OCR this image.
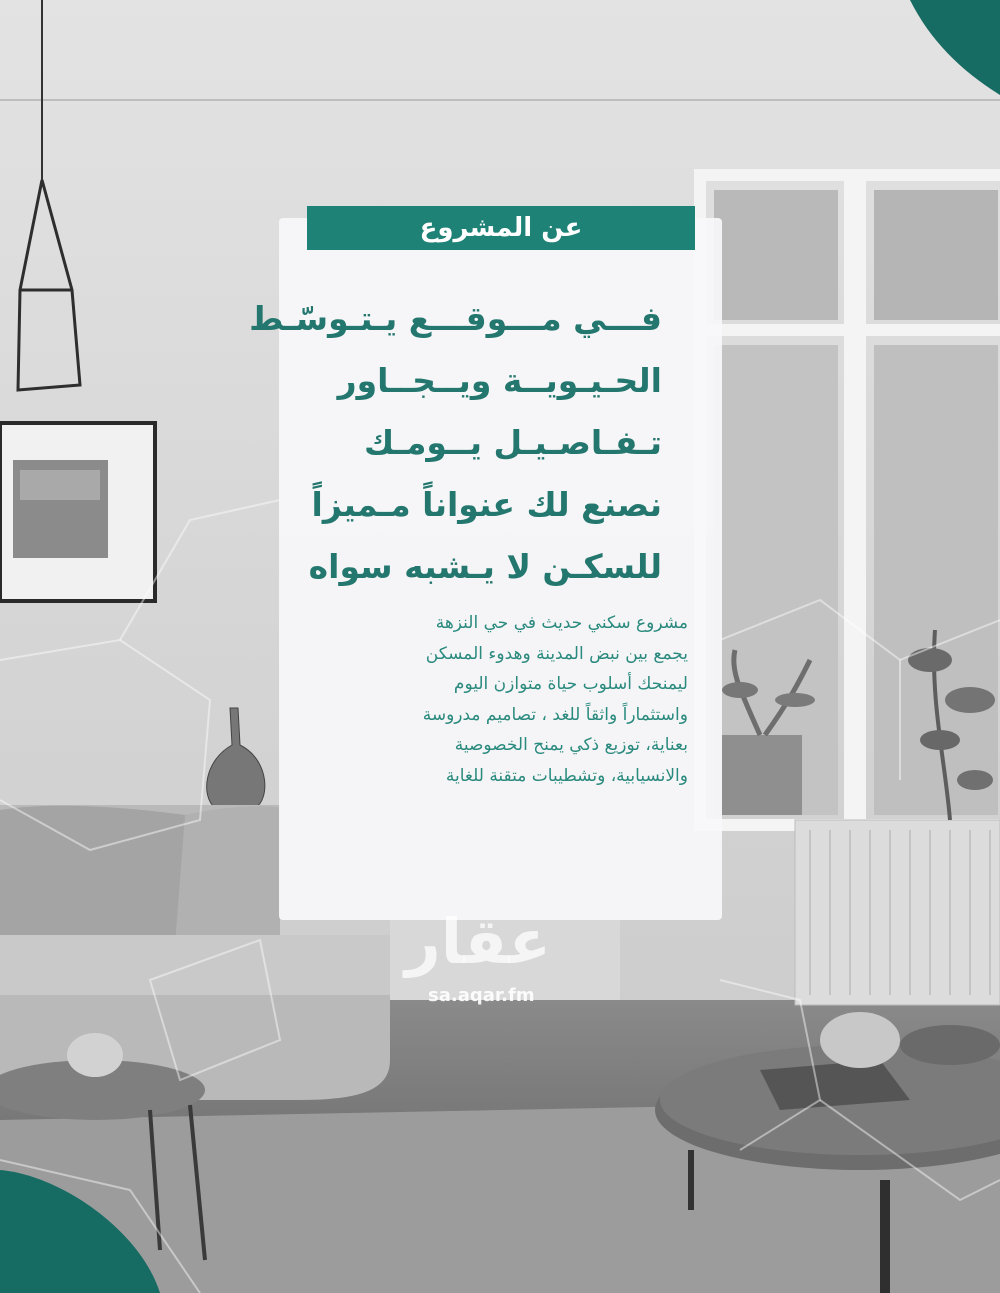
عن المشروع
فـــي مـــوقـــع يـتـوسّـط
الحـيـويــة ويــجــاور
تـفـاصـيـل يــومـك
نصنع لك عنواناً مـميزاً
للسكـن لا يـشبه سواه
مشروع سكني حديث في حي النزهة
يجمع بين نبض المدينة وهدوء المسكن
ليمنحك أسلوب حياة متوازن اليوم
واستثماراً واثقاً للغد ، تصاميم مدروسة
بعناية، توزيع ذكي يمنح الخصوصية
والانسيابية، وتشطيبات متقنة للغاية
عقار
sa.aqar.fm
